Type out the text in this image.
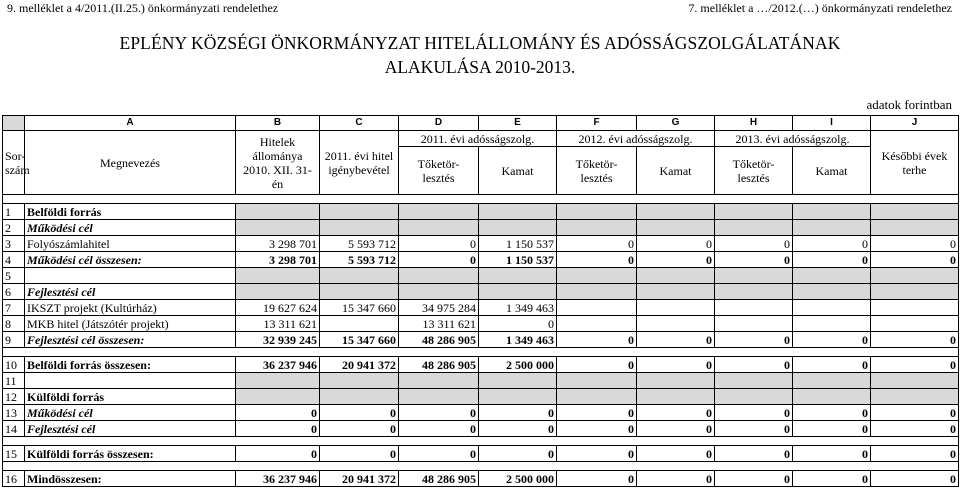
9. melléklet a 4/2011.(II.25.) önkormányzati rendelethez	7. melléklet a …/2012.(…) önkormányzati rendelethez
EPLÉNY KÖZSÉGI ÖNKORMÁNYZAT HITELÁLLOMÁNY ÉS ADÓSSÁGSZOLGÁLATÁNAK
ALAKULÁSA 2010-2013.
adatok forintban
	A	B	C	D	E	F	G	H	I	J
Sor- szám	Megnevezés	Hitelek állománya 2010. XII. 31-én	2011. évi hitel igénybevétel	2011. évi adósságszolg.		2012. évi adósságszolg.		2013. évi adósságszolg.		Későbbi évek terhe
				Tőketör- lesztés	Kamat	Tőketör- lesztés	Kamat	Tőketör- lesztés	Kamat	

1	Belföldi forrás									
2	Működési cél									
3	Folyószámlahitel	3 298 701	5 593 712	0	1 150 537	0	0	0	0	0
4	Működési cél összesen:	3 298 701	5 593 712	0	1 150 537	0	0	0	0	0
5										
6	Fejlesztési cél									
7	IKSZT projekt (Kultúrház)	19 627 624	15 347 660	34 975 284	1 349 463					
8	MKB hitel (Játszótér projekt)	13 311 621		13 311 621	0					
9	Fejlesztési cél összesen:	32 939 245	15 347 660	48 286 905	1 349 463	0	0	0	0	0

10	Belföldi forrás összesen:	36 237 946	20 941 372	48 286 905	2 500 000	0	0	0	0	0
11										
12	Külföldi forrás									
13	Működési cél	0	0	0	0	0	0	0	0	0
14	Fejlesztési cél	0	0	0	0	0	0	0	0	0

15	Külföldi forrás összesen:	0	0	0	0	0	0	0	0	0

16	Mindösszesen:	36 237 946	20 941 372	48 286 905	2 500 000	0	0	0	0	0
